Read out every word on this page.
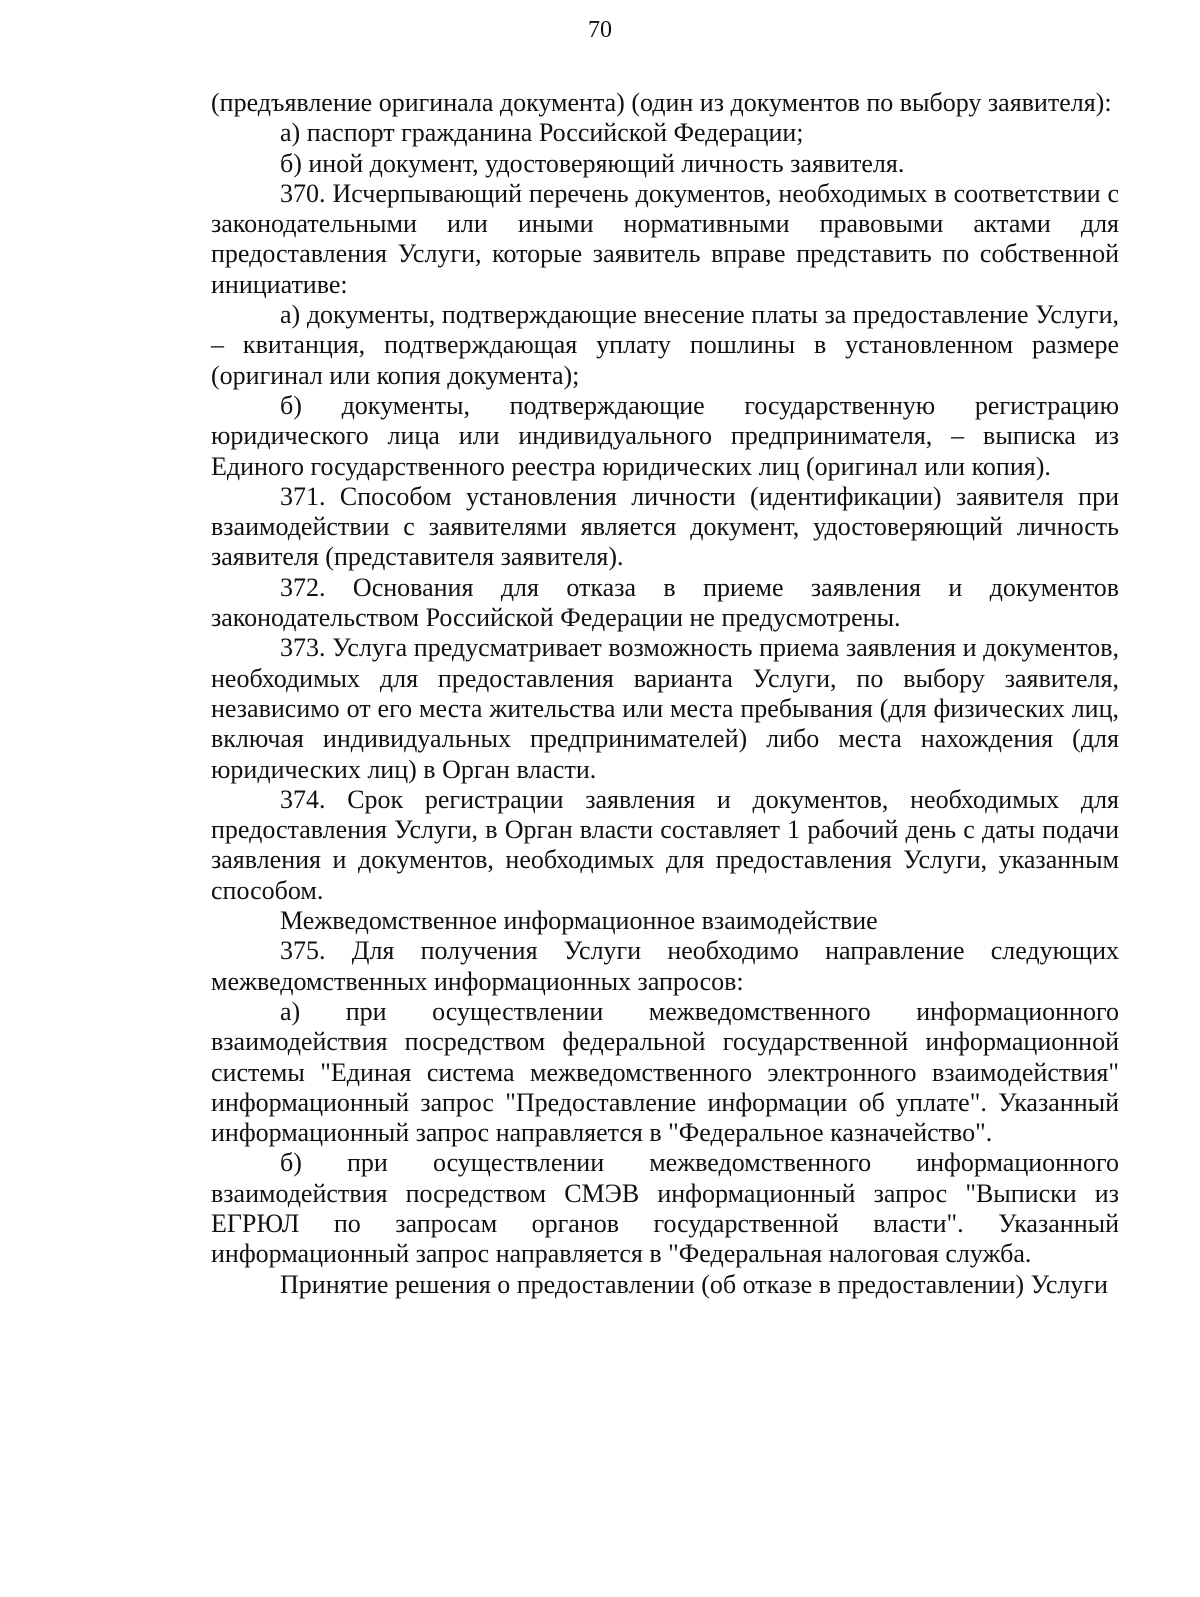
70

(предъявление оригинала документа) (один из документов по выбору заявителя):

а) паспорт гражданина Российской Федерации;

б) иной документ, удостоверяющий личность заявителя.

370. Исчерпывающий перечень документов, необходимых в соответствии с законодательными или иными нормативными правовыми актами для предоставления Услуги, которые заявитель вправе представить по собственной инициативе:

а) документы, подтверждающие внесение платы за предоставление Услуги, – квитанция, подтверждающая уплату пошлины в установленном размере (оригинал или копия документа);

б) документы, подтверждающие государственную регистрацию юридического лица или индивидуального предпринимателя, – выписка из Единого государственного реестра юридических лиц (оригинал или копия).

371. Способом установления личности (идентификации) заявителя при взаимодействии с заявителями является документ, удостоверяющий личность заявителя (представителя заявителя).

372. Основания для отказа в приеме заявления и документов законодательством Российской Федерации не предусмотрены.

373. Услуга предусматривает возможность приема заявления и документов, необходимых для предоставления варианта Услуги, по выбору заявителя, независимо от его места жительства или места пребывания (для физических лиц, включая индивидуальных предпринимателей) либо места нахождения (для юридических лиц) в Орган власти.

374. Срок регистрации заявления и документов, необходимых для предоставления Услуги, в Орган власти составляет 1 рабочий день с даты подачи заявления и документов, необходимых для предоставления Услуги, указанным способом.

Межведомственное информационное взаимодействие

375. Для получения Услуги необходимо направление следующих межведомственных информационных запросов:

а) при осуществлении межведомственного информационного взаимодействия посредством федеральной государственной информационной системы "Единая система межведомственного электронного взаимодействия" информационный запрос "Предоставление информации об уплате". Указанный информационный запрос направляется в "Федеральное казначейство".

б) при осуществлении межведомственного информационного взаимодействия посредством СМЭВ информационный запрос "Выписки из ЕГРЮЛ по запросам органов государственной власти". Указанный информационный запрос направляется в "Федеральная налоговая служба.

Принятие решения о предоставлении (об отказе в предоставлении) Услуги
